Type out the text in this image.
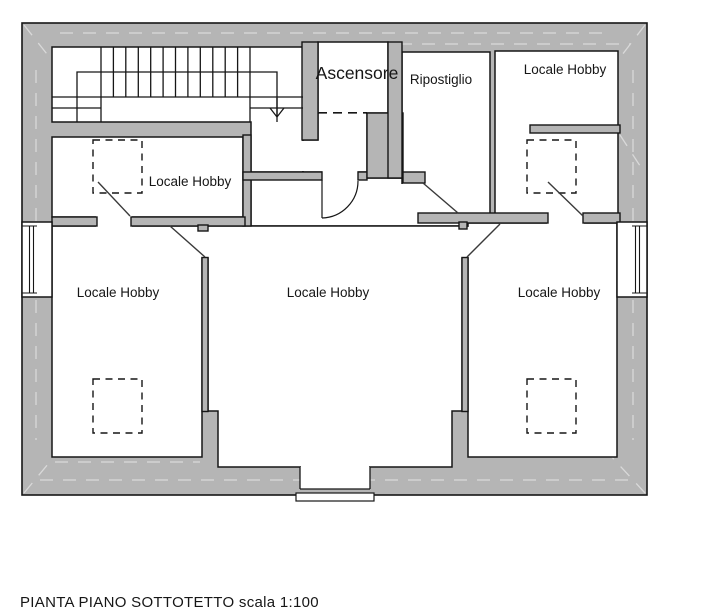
Ascensore Ripostiglio
Locale Hobby
Locale Hobby
Locale Hobby	Locale Hobby	Locale Hobby
PIANTA PIANO SOTTOTETTO scala 1:100
